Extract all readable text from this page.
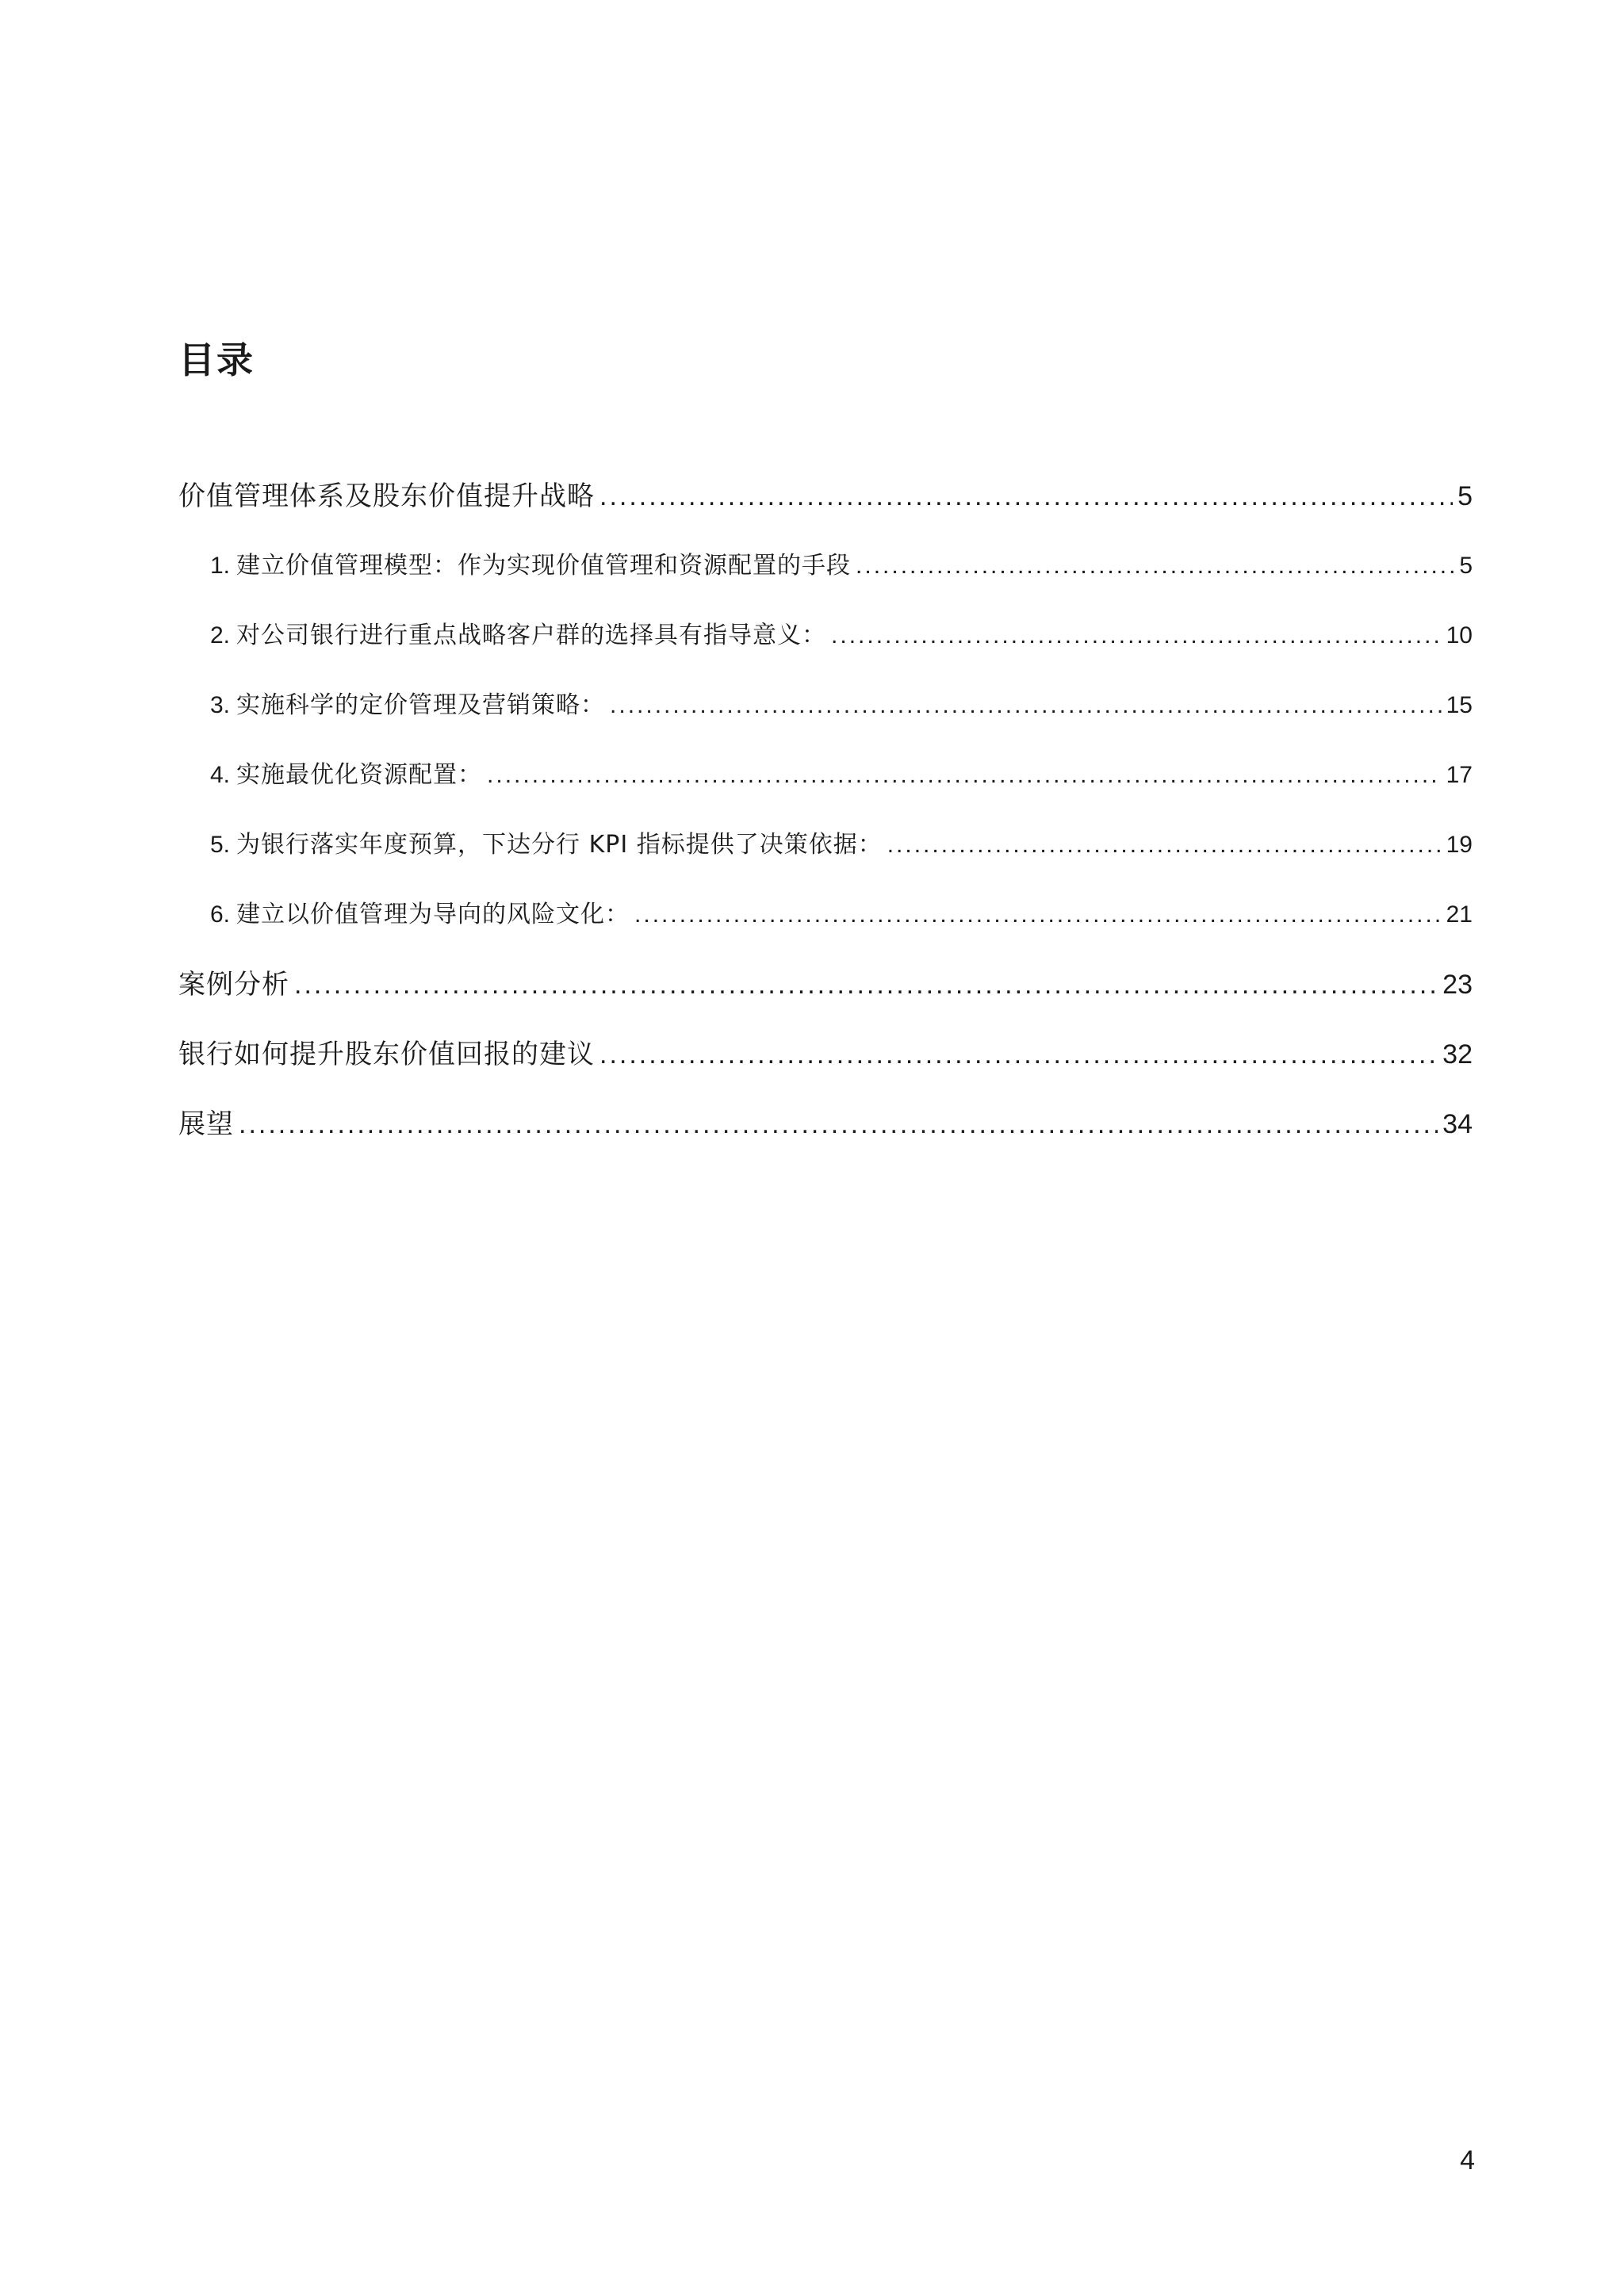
目录
价值管理体系及股东价值提升战略 .....	5
1. 建立价值管理模型：作为实现价值管理和资源配置的手段 .....	5
2. 对公司银行进行重点战略客户群的选择具有指导意义： .....	10
3. 实施科学的定价管理及营销策略： .....	15
4. 实施最优化资源配置： .....	17
5. 为银行落实年度预算，下达分行 KPI 指标提供了决策依据： .....	19
6. 建立以价值管理为导向的风险文化： .....	21
案例分析 .....	23
银行如何提升股东价值回报的建议 .....	32
展望 .....	34
4
